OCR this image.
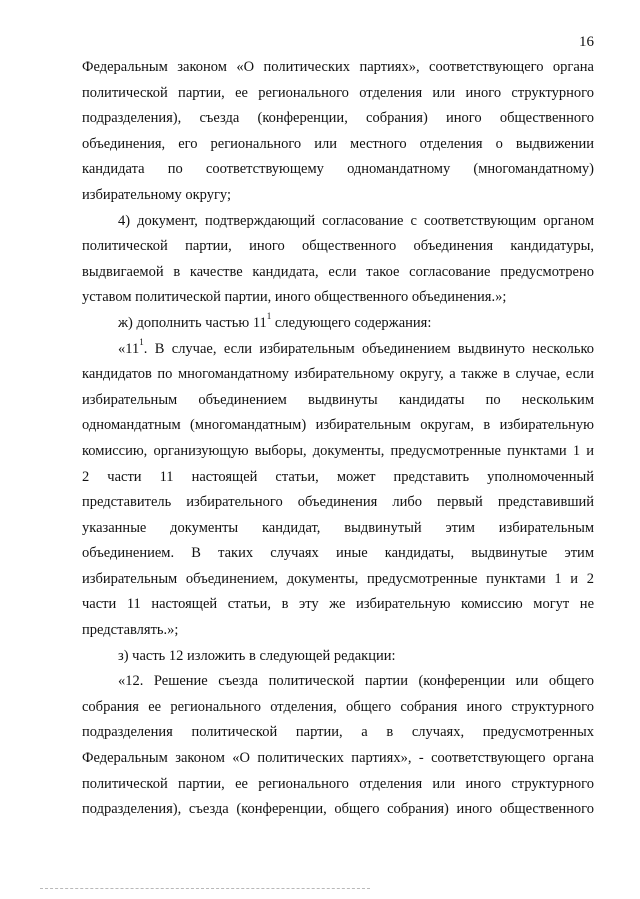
16
Федеральным законом «О политических партиях», соответствующего органа
политической партии, ее регионального отделения или иного структурного
подразделения), съезда (конференции, собрания) иного общественного
объединения, его регионального или местного отделения о выдвижении
кандидата по соответствующему одномандатному (многомандатному)
избирательному округу;
4) документ, подтверждающий согласование с соответствующим органом
политической партии, иного общественного объединения кандидатуры,
выдвигаемой в качестве кандидата, если такое согласование предусмотрено
уставом политической партии, иного общественного объединения.»;
ж) дополнить частью $11^1$ следующего содержания:
«$11^1$. В случае, если избирательным объединением выдвинуто несколько
кандидатов по многомандатному избирательному округу, а также в случае, если
избирательным объединением выдвинуты кандидаты по нескольким
одномандатным (многомандатным) избирательным округам, в избирательную
комиссию, организующую выборы, документы, предусмотренные пунктами 1 и
2 части 11 настоящей статьи, может представить уполномоченный
представитель избирательного объединения либо первый представивший
указанные документы кандидат, выдвинутый этим избирательным
объединением. В таких случаях иные кандидаты, выдвинутые этим
избирательным объединением, документы, предусмотренные пунктами 1 и 2
части 11 настоящей статьи, в эту же избирательную комиссию могут не
представлять.»;
з) часть 12 изложить в следующей редакции:
«12. Решение съезда политической партии (конференции или общего
собрания ее регионального отделения, общего собрания иного структурного
подразделения политической партии, а в случаях, предусмотренных
Федеральным законом «О политических партиях», - соответствующего органа
политической партии, ее регионального отделения или иного структурного
подразделения), съезда (конференции, общего собрания) иного общественного
